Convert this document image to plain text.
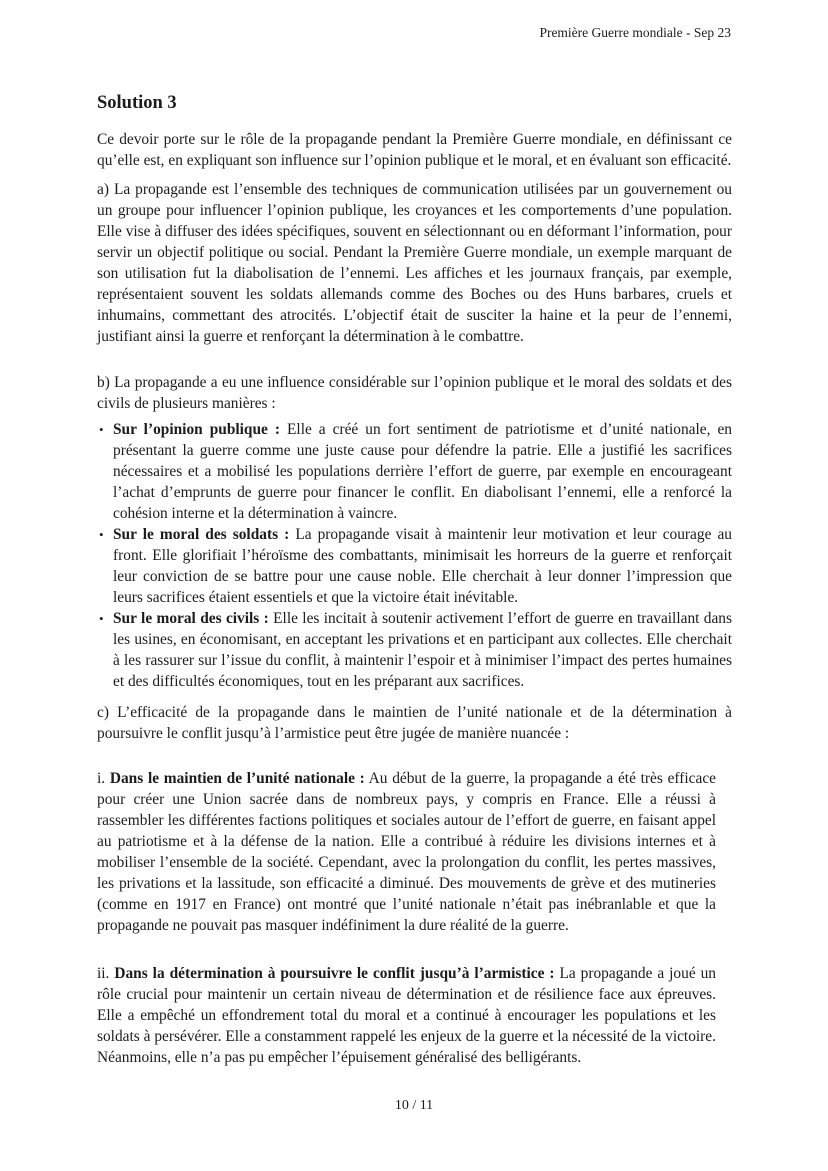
Première Guerre mondiale - Sep 23
Solution 3

Ce devoir porte sur le rôle de la propagande pendant la Première Guerre mondiale, en définissant ce qu’elle est, en expliquant son influence sur l’opinion publique et le moral, et en évaluant son efficacité.

a) La propagande est l’ensemble des techniques de communication utilisées par un gouvernement ou un groupe pour influencer l’opinion publique, les croyances et les comportements d’une population. Elle vise à diffuser des idées spécifiques, souvent en sélectionnant ou en déformant l’information, pour servir un objectif politique ou social. Pendant la Première Guerre mondiale, un exemple marquant de son utilisation fut la diabolisation de l’ennemi. Les affiches et les journaux français, par exemple, représentaient souvent les soldats allemands comme des Boches ou des Huns barbares, cruels et inhumains, commettant des atrocités. L’objectif était de susciter la haine et la peur de l’ennemi, justifiant ainsi la guerre et renforçant la détermination à le combattre.

b) La propagande a eu une influence considérable sur l’opinion publique et le moral des soldats et des civils de plusieurs manières :

• Sur l’opinion publique : Elle a créé un fort sentiment de patriotisme et d’unité nationale, en présentant la guerre comme une juste cause pour défendre la patrie. Elle a justifié les sacrifices nécessaires et a mobilisé les populations derrière l’effort de guerre, par exemple en encourageant l’achat d’emprunts de guerre pour financer le conflit. En diabolisant l’ennemi, elle a renforcé la cohésion interne et la détermination à vaincre.
• Sur le moral des soldats : La propagande visait à maintenir leur motivation et leur courage au front. Elle glorifiait l’héroïsme des combattants, minimisait les horreurs de la guerre et renforçait leur conviction de se battre pour une cause noble. Elle cherchait à leur donner l’impression que leurs sacrifices étaient essentiels et que la victoire était inévitable.
• Sur le moral des civils : Elle les incitait à soutenir activement l’effort de guerre en travaillant dans les usines, en économisant, en acceptant les privations et en participant aux collectes. Elle cherchait à les rassurer sur l’issue du conflit, à maintenir l’espoir et à minimiser l’impact des pertes humaines et des difficultés économiques, tout en les préparant aux sacrifices.

c) L’efficacité de la propagande dans le maintien de l’unité nationale et de la détermination à poursuivre le conflit jusqu’à l’armistice peut être jugée de manière nuancée :

i. Dans le maintien de l’unité nationale : Au début de la guerre, la propagande a été très efficace pour créer une Union sacrée dans de nombreux pays, y compris en France. Elle a réussi à rassembler les différentes factions politiques et sociales autour de l’effort de guerre, en faisant appel au patriotisme et à la défense de la nation. Elle a contribué à réduire les divisions internes et à mobiliser l’ensemble de la société. Cependant, avec la prolongation du conflit, les pertes massives, les privations et la lassitude, son efficacité a diminué. Des mouvements de grève et des mutineries (comme en 1917 en France) ont montré que l’unité nationale n’était pas inébranlable et que la propagande ne pouvait pas masquer indéfiniment la dure réalité de la guerre.

ii. Dans la détermination à poursuivre le conflit jusqu’à l’armistice : La propagande a joué un rôle crucial pour maintenir un certain niveau de détermination et de résilience face aux épreuves. Elle a empêché un effondrement total du moral et a continué à encourager les populations et les soldats à persévérer. Elle a constamment rappelé les enjeux de la guerre et la nécessité de la victoire. Néanmoins, elle n’a pas pu empêcher l’épuisement généralisé des belligérants.

10 / 11
